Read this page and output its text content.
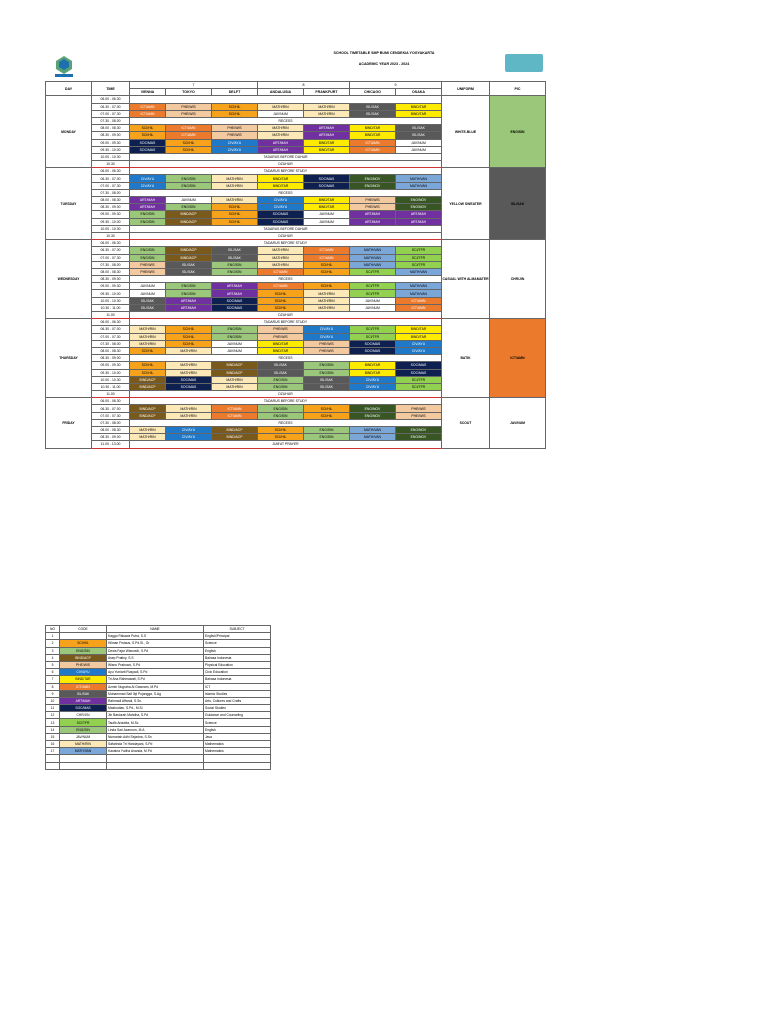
SCHOOL TIMETABLE SMP BUMI CENDEKIA YOGYAKARTA
ACADEMIC YEAR 2023 - 2024
DAY	TIME	7			8		9		UNIFORM	PIC
		VIENNA	TOKYO	DELFT	ANDALUSIA	FRANKFURT	CHICAGO	OSAKA		
MONDAY	06.00 - 06.30								WHITE-BLUE	ENG/SIN
	06.30 - 07.00	ICT/AMN	PHE/WIS	SCI/HIL	MATH/RIN	MATH/RIN	ISL/SAK	BIND/TAR		
	07.00 - 07.30	ICT/AMN	PHE/WIS	SCI/HIL	JAV/NUM	MATH/RIN	ISL/SAK	BIND/TAR		
	07.30 - 08.00	RECESS								
	08.00 - 08.30	SCI/HIL	ICT/AMN	PHE/WIS	MATH/RIN	ART/MAH	BIND/TAR	ISL/SAK		
	08.30 - 09.00	SCI/HIL	ICT/AMN	PHE/WIS	MATH/RIN	ART/MAH	BIND/TAR	ISL/SAK		
	09.00 - 09.30	SOC/MAS	SCI/HIL	CIV/AYU	ART/MAH	BIND/TAR	ICT/AMN	JAV/NUM		
	09.30 - 10.00	SOC/MAS	SCI/HIL	CIV/AYU	ART/MAH	BIND/TAR	ICT/AMN	JAV/NUM		
	10.00 - 10.30	TADARUS BEFORE DUHUR								
	10.30	DZUHUR								
TUESDAY	06.00 - 06.30	TADARUS BEFORE STUDY							YELLOW SWEATER	ISL/SAK
	06.30 - 07.00	CIV/AYU	ENG/SIN	MATH/RIN	BIND/TAR	SOC/MAS	ENG/NOV	MATH/VAN		
	07.00 - 07.30	CIV/AYU	ENG/SIN	MATH/RIN	BIND/TAR	SOC/MAS	ENG/NOV	MATH/VAN		
	07.30 - 08.00	RECESS								
	08.00 - 08.30	ART/MAH	JAV/NUM	MATH/RIN	CIV/AYU	BIND/TAR	PHE/WIS	ENG/NOV		
	08.30 - 09.00	ART/MAH	ENG/SIN	SCI/HIL	CIV/AYU	BIND/TAR	PHE/WIS	ENG/NOV		
	09.00 - 09.30	ENG/SIN	BIND/ACP	SCI/HIL	SOC/MAS	JAV/NUM	ART/MAH	ART/MAH		
	09.30 - 10.00	ENG/SIN	BIND/ACP	SCI/HIL	SOC/MAS	JAV/NUM	ART/MAH	ART/MAH		
	10.00 - 10.30	TADARUS BEFORE DUHUR								
	10.30	DZUHUR								
WEDNESDAY	06.00 - 06.30	TADARUS BEFORE STUDY							CASUAL WITH ALMAMATER	CHR/JIN
	06.30 - 07.00	ENG/SIN	BIND/ACP	ISL/SAK	MATH/RIN	ICT/AMN	MATH/VAN	SCI/TFR		
	07.00 - 07.30	ENG/SIN	BIND/ACP	ISL/SAK	MATH/RIN	ICT/AMN	MATH/VAN	SCI/TFR		
	07.30 - 08.00	PHE/WIS	ISL/SAK	ENG/SIN	MATH/RIN	SCI/HIL	MATH/VAN	SCI/TFR		
	08.00 - 08.30	PHE/WIS	ISL/SAK	ENG/SIN	ICT/AMN	SCI/HIL	SCI/TFR	MATH/VAN		
	08.30 - 09.00	RECESS								
	09.00 - 09.30	JAV/NUM	ENG/SIN	ART/MAH	ICT/AMN	SCI/HIL	SCI/TFR	MATH/VAN		
	09.30 - 10.00	JAV/NUM	ENG/SIN	ART/MAH	SCI/HIL	MATH/RIN	SCI/TFR	MATH/VAN		
	10.00 - 10.30	ISL/SAK	ART/MAH	SOC/MAS	SCI/HIL	MATH/RIN	JAV/NUM	ICT/AMN		
	10.30 - 11.00	ISL/SAK	ART/MAH	SOC/MAS	SCI/HIL	MATH/RIN	JAV/NUM	ICT/AMN		
	11.00	DZUHUR								
THURSDAY	06.00 - 06.30	TADARUS BEFORE STUDY							BATIK	ICT/AMN
	06.30 - 07.00	MATH/RIN	SCI/HIL	ENG/SIN	PHE/WIS	CIV/AYU	SCI/TFR	BIND/TAR		
	07.00 - 07.30	MATH/RIN	SCI/HIL	ENG/SIN	PHE/WIS	CIV/AYU	SCI/TFR	BIND/TAR		
	07.30 - 08.00	MATH/RIN	SCI/HIL	JAV/NUM	BIND/TAR	PHE/WIS	SOC/MAS	CIV/AYU		
	08.00 - 08.30	SCI/HIL	MATH/RIN	JAV/NUM	BIND/TAR	PHE/WIS	SOC/MAS	CIV/AYU		
	08.30 - 09.00	RECESS								
	09.00 - 09.30	SCI/HIL	MATH/RIN	BIND/ACP	ISL/SAK	ENG/SIN	BIND/TAR	SOC/MAS		
	09.30 - 10.00	SCI/HIL	MATH/RIN	BIND/ACP	ISL/SAK	ENG/SIN	BIND/TAR	SOC/MAS		
	10.00 - 10.30	BIND/ACP	SOC/MAS	MATH/RIN	ENG/SIN	ISL/SAK	CIV/AYU	SCI/TFR		
	10.30 - 11.00	BIND/ACP	SOC/MAS	MATH/RIN	ENG/SIN	ISL/SAK	CIV/AYU	SCI/TFR		
	11.00	DZUHUR								
FRIDAY	06.00 - 06.30	TADARUS BEFORE STUDY							SCOUT	JAV/NUM
	06.30 - 07.00	BIND/ACP	MATH/RIN	ICT/AMN	ENG/SIN	SCI/HIL	ENG/NOV	PHE/WIS		
	07.00 - 07.30	BIND/ACP	MATH/RIN	ICT/AMN	ENG/SIN	SCI/HIL	ENG/NOV	PHE/WIS		
	07.30 - 08.00	RECESS								
	08.00 - 08.30	MATH/RIN	CIV/AYU	BIND/ACP	SCI/HIL	ENG/SIN	MATH/VAN	ENG/NOV		
	08.30 - 09.00	MATH/RIN	CIV/AYU	BIND/ACP	SCI/HIL	ENG/SIN	MATH/VAN	ENG/NOV		
	11.00 - 13.00	JUM'AT PRAYER								
NO	CODE	NAME	SUBJECT
1		Kaggo Pakawa Putra, S.S	English/Principal
2	SCI/HIL	Hilman Firdaus, S.Pd.Si., Gr	Science
3	ENG/SIN	Dewa Fajar Wisnusih, S.Pd	English
4	BIND/ACP	Asep Pratiny, S.S	Bahasa Indonesia
5	PHE/WIS	Wisnu Prabowo, S.Pd	Physical Education
6	CIV/AYU	Ayu Yuniarti Rusyadi, S.Pd	Civic Education
7	BIND/TAR	Tri Ana Rahmawati, S.Pd	Bahasa Indonesia
8	ICT/AMN	Azmin Nugraha Al Gawnam, M.Pd	ICT
9	ISL/SAK	Muhammad Saif Ibji Pujangga, S.Ag	Islamic Studies
10	ART/MAH	Rahmadi Affandi, S.Sn.	Arts, Cultures and Crafts
11	SOC/MAS	Mashudian, S.Pd., M.Si	Social Studies
12	CHR/JIN	Jin Basturah Mahdha, S.Pd	Guidance and Counseling
13	SCI/TFR	Taufik Ariawita, M.Sc	Science
14	ENG/SIN	Linda Sari Azarnum, M.A	English
15	JAV/NUM	Numariah Adhi Sejadna, S.Sn	Java
16	MATH/RIN	Safarinda Tri Handayani, S.Pd	Mathematics
17	MATH/VAN	Kavalea Yudha Ananda, M.Pd	Mathematics
